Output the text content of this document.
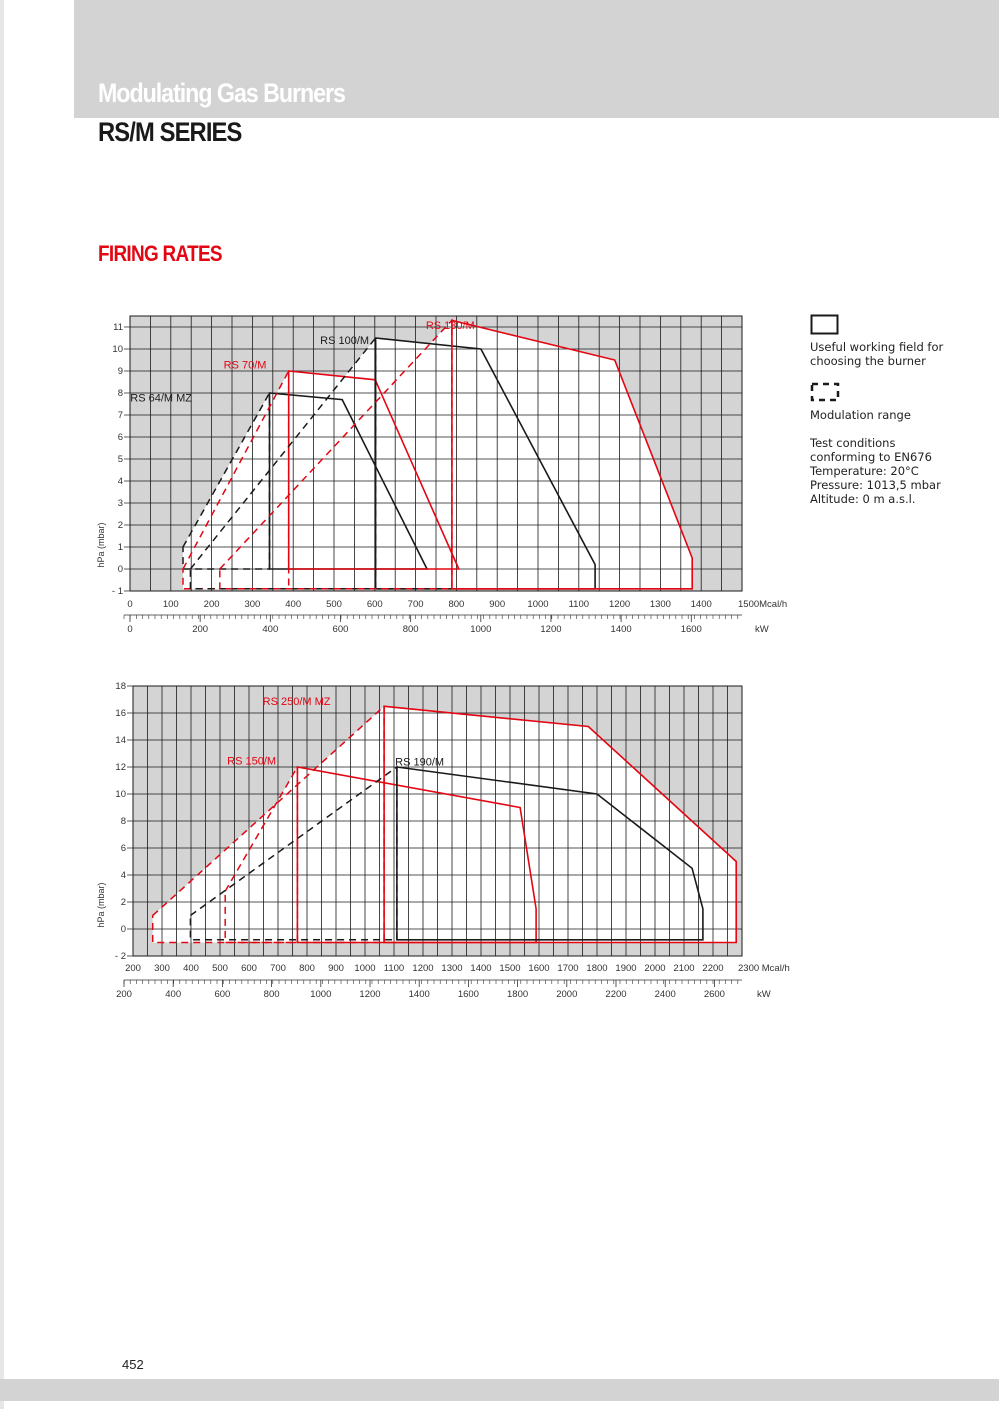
Modulating Gas Burners
RS/M SERIES
FIRING RATES
- 1
0
1
2
3
4
5
6
7
8
9
10
11
hPa (mbar)
0	100	200	300	400	500	600	700	800	900 1000 1100 1200 1300 1400	1500Mcal/h
0	200	400	600	800	1000	1200	1400	1600	kW
RS 64/M MZ
RS 70/M
RS 100/M
RS 130/M
- 2
0
2
4
6
8
10
12
14
16
18
hPa (mbar)
200 300 400 500 600 700 800 900 1000 1100 1200 1300 1400 1500 1600 1700 1800 1900 2000 2100 2200 2300 Mcal/h
200	400	600	800	1000	1200	1400	1600	1800	2000	2200	2400	2600	kW
RS 150/M	RS 190/M
RS 250/M MZ

Useful working field for choosing the burner

Modulation range

Test conditions conforming to EN676

Temperature: 20°C

Pressure: 1013,5 mbar

Altitude: 0 m a.s.l.

452
